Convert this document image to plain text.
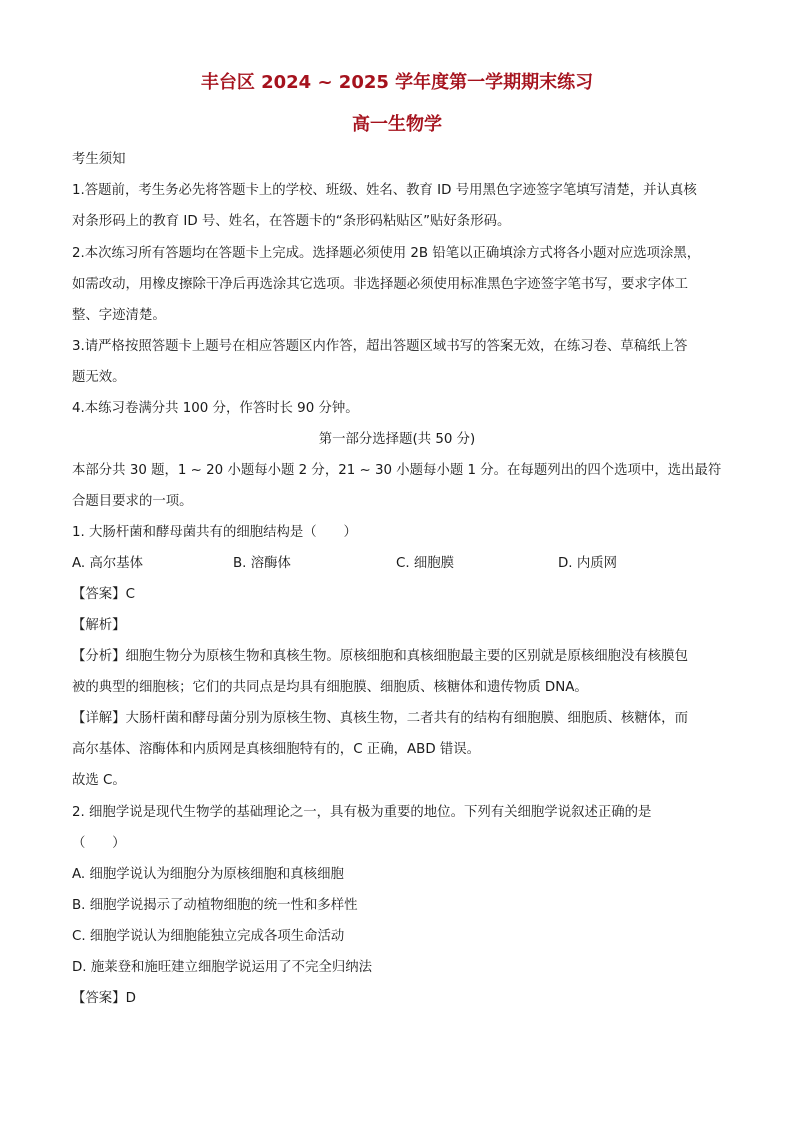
丰台区 2024 ~ 2025 学年度第一学期期末练习
高一生物学
考生须知
1.答题前，考生务必先将答题卡上的学校、班级、姓名、教育 ID 号用黑色字迹签字笔填写清楚，并认真核
对条形码上的教育 ID 号、姓名，在答题卡的“条形码粘贴区”贴好条形码。
2.本次练习所有答题均在答题卡上完成。选择题必须使用 2B 铅笔以正确填涂方式将各小题对应选项涂黑，
如需改动，用橡皮擦除干净后再选涂其它选项。非选择题必须使用标准黑色字迹签字笔书写，要求字体工
整、字迹清楚。
3.请严格按照答题卡上题号在相应答题区内作答，超出答题区域书写的答案无效，在练习卷、草稿纸上答
题无效。
4.本练习卷满分共 100 分，作答时长 90 分钟。
第一部分选择题(共 50 分)
本部分共 30 题，1 ~ 20 小题每小题 2 分，21 ~ 30 小题每小题 1 分。在每题列出的四个选项中，选出最符
合题目要求的一项。
1. 大肠杆菌和酵母菌共有的细胞结构是（　　）
A. 高尔基体	B. 溶酶体	C. 细胞膜	D. 内质网
【答案】C
【解析】
【分析】细胞生物分为原核生物和真核生物。原核细胞和真核细胞最主要的区别就是原核细胞没有核膜包
被的典型的细胞核；它们的共同点是均具有细胞膜、细胞质、核糖体和遗传物质 DNA。
【详解】大肠杆菌和酵母菌分别为原核生物、真核生物，二者共有的结构有细胞膜、细胞质、核糖体，而
高尔基体、溶酶体和内质网是真核细胞特有的，C 正确，ABD 错误。
故选 C。
2. 细胞学说是现代生物学的基础理论之一，具有极为重要的地位。下列有关细胞学说叙述正确的是
（　　）
A. 细胞学说认为细胞分为原核细胞和真核细胞
B. 细胞学说揭示了动植物细胞的统一性和多样性
C. 细胞学说认为细胞能独立完成各项生命活动
D. 施莱登和施旺建立细胞学说运用了不完全归纳法
【答案】D
